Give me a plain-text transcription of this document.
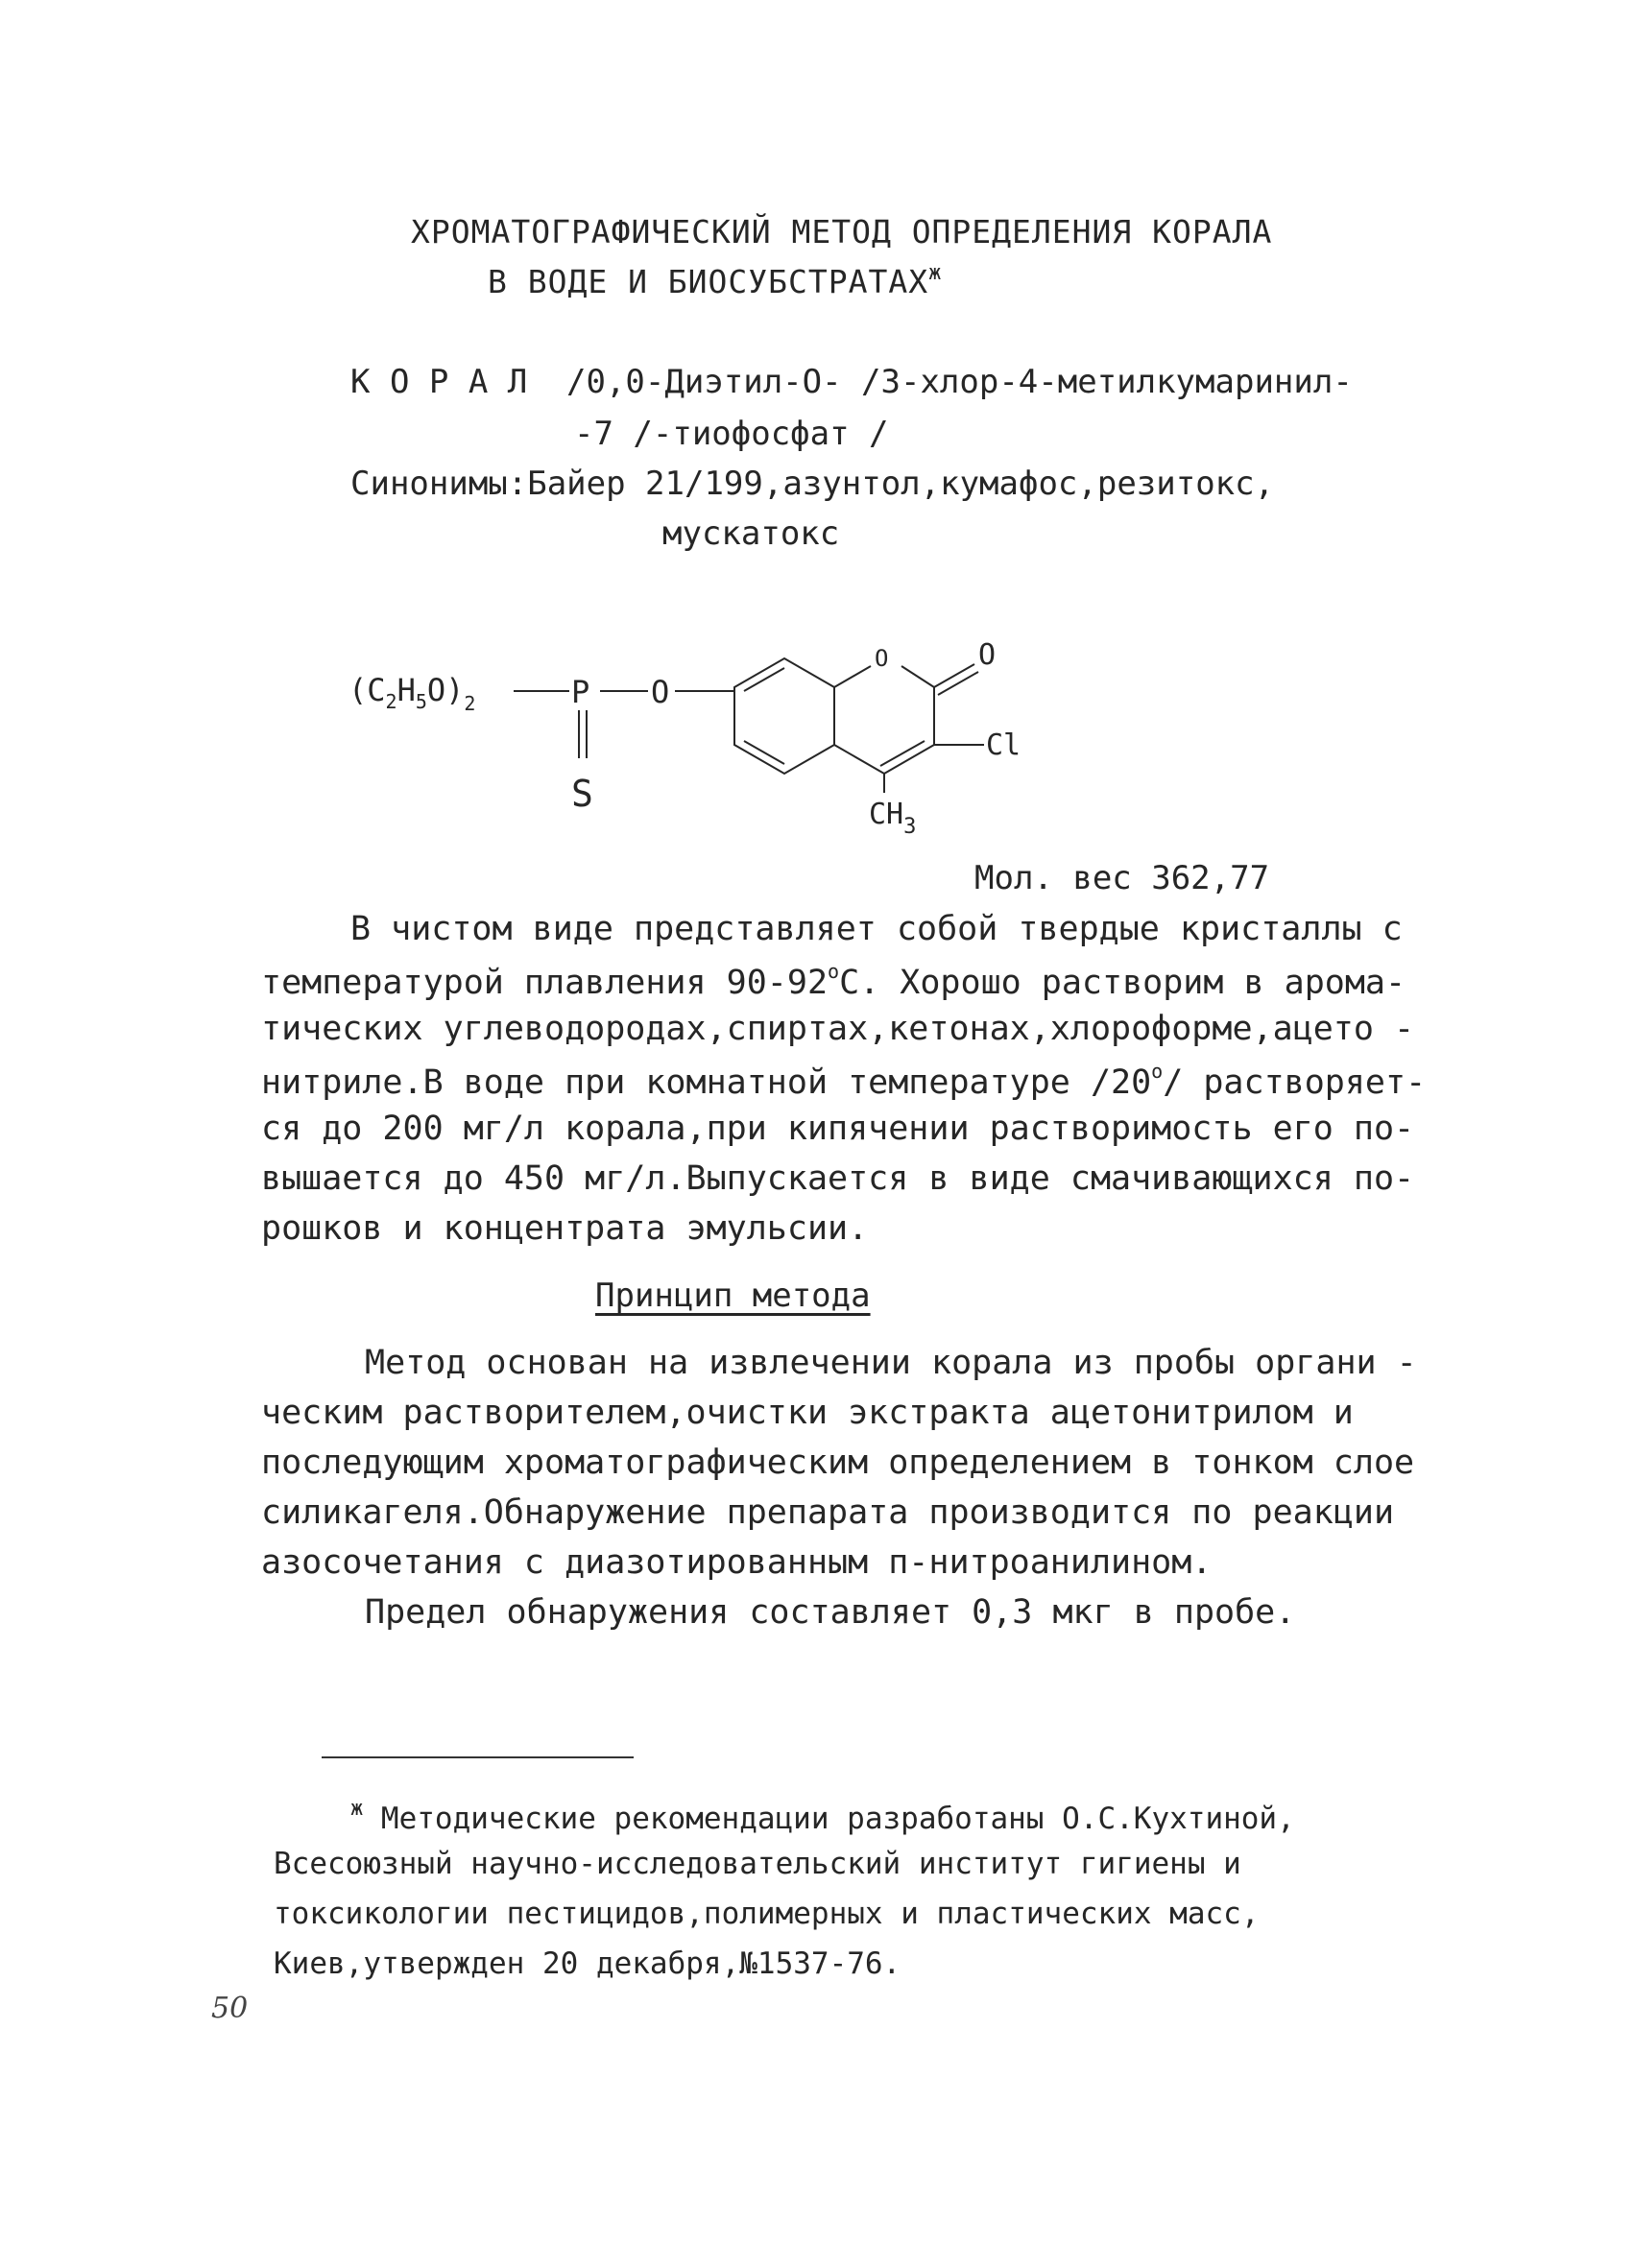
ХРОМАТОГРАФИЧЕСКИЙ МЕТОД ОПРЕДЕЛЕНИЯ КОРАЛА
В ВОДЕ И $БИОСУБСТРАТАХ^ж$
К О Р А Л /0,0-Диэтил-О- /3-хлор-4-метилкумаринил-
-7 /-тиофосфат /
Синонимы:Байер 21/199,азунтол,кумафос,резитокс,
мускатокс
$(C_2H_5O)_2$	P
S
O
O	O
Cl
$CH_3$
Мол. вес 362,77
В чистом виде представляет собой твердые кристаллы с
температурой плавления $90-92^оС$. Хорошо растворим в арома-
тических углеводородах,спиртах,кетонах,хлороформе,ацето -
нитриле.В воде при комнатной температуре $/20^о/$ растворяет-
ся до 200 мг/л корала,при кипячении растворимость его по-
вышается до 450 мг/л.Выпускается в виде смачивающихся по-
рошков и концентрата эмульсии.
Принцип метода
Метод основан на извлечении корала из пробы органи -
ческим растворителем,очистки экстракта ацетонитрилом и
последующим хроматографическим определением в тонком слое
силикагеля.Обнаружение препарата производится по реакции
азосочетания с диазотированным п-нитроанилином.
Предел обнаружения составляет 0,3 мкг в пробе.
$^ж$ Методические рекомендации разработаны О.С.Кухтиной,
Всесоюзный научно-исследовательский институт гигиены и
токсикологии пестицидов,полимерных и пластических масс,
Киев,утвержден 20 декабря,№1537-76.
50
